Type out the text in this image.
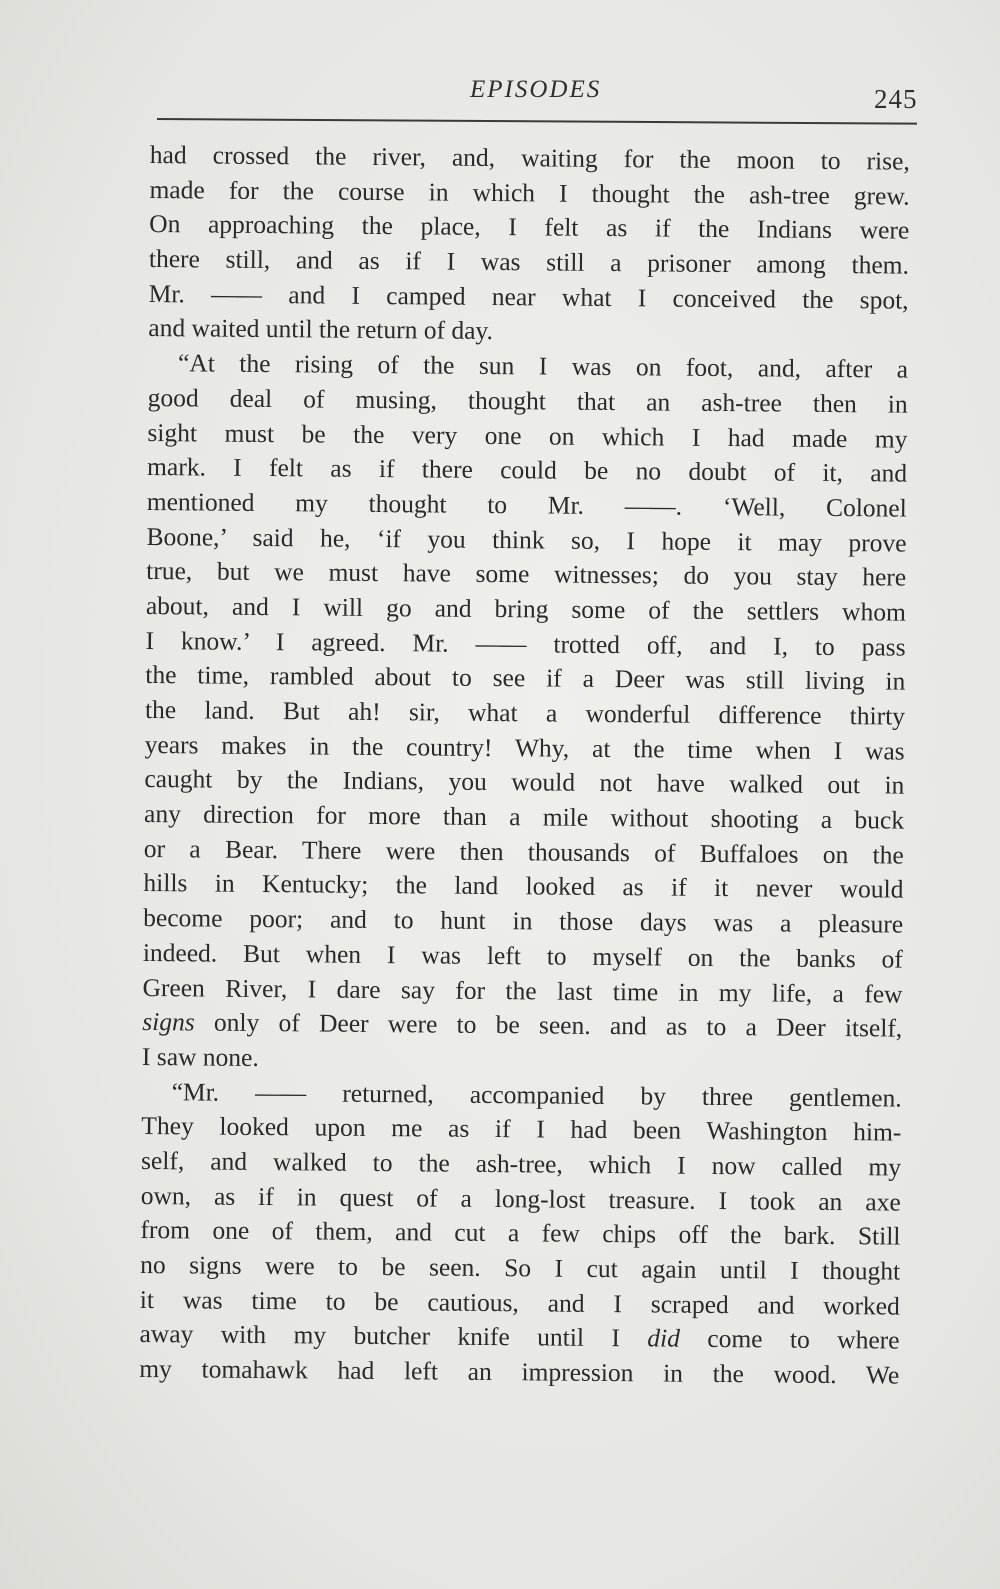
EPISODES	245
had crossed the river, and, waiting for the moon to rise,
made for the course in which I thought the ash-tree grew.
On approaching the place, I felt as if the Indians were
there still, and as if I was still a prisoner among them.
Mr. —— and I camped near what I conceived the spot,
and waited until the return of day.
“At the rising of the sun I was on foot, and, after a
good deal of musing, thought that an ash-tree then in
sight must be the very one on which I had made my
mark. I felt as if there could be no doubt of it, and
mentioned my thought to Mr. ——. ‘Well, Colonel
Boone,’ said he, ‘if you think so, I hope it may prove
true, but we must have some witnesses; do you stay here
about, and I will go and bring some of the settlers whom
I know.’ I agreed. Mr. —— trotted off, and I, to pass
the time, rambled about to see if a Deer was still living in
the land. But ah! sir, what a wonderful difference thirty
years makes in the country! Why, at the time when I was
caught by the Indians, you would not have walked out in
any direction for more than a mile without shooting a buck
or a Bear. There were then thousands of Buffaloes on the
hills in Kentucky; the land looked as if it never would
become poor; and to hunt in those days was a pleasure
indeed. But when I was left to myself on the banks of
Green River, I dare say for the last time in my life, a few
signs only of Deer were to be seen. and as to a Deer itself,
I saw none.
“Mr. —— returned, accompanied by three gentlemen.
They looked upon me as if I had been Washington him-
self, and walked to the ash-tree, which I now called my
own, as if in quest of a long-lost treasure. I took an axe
from one of them, and cut a few chips off the bark. Still
no signs were to be seen. So I cut again until I thought
it was time to be cautious, and I scraped and worked
away with my butcher knife until I did come to where
my tomahawk had left an impression in the wood. We
